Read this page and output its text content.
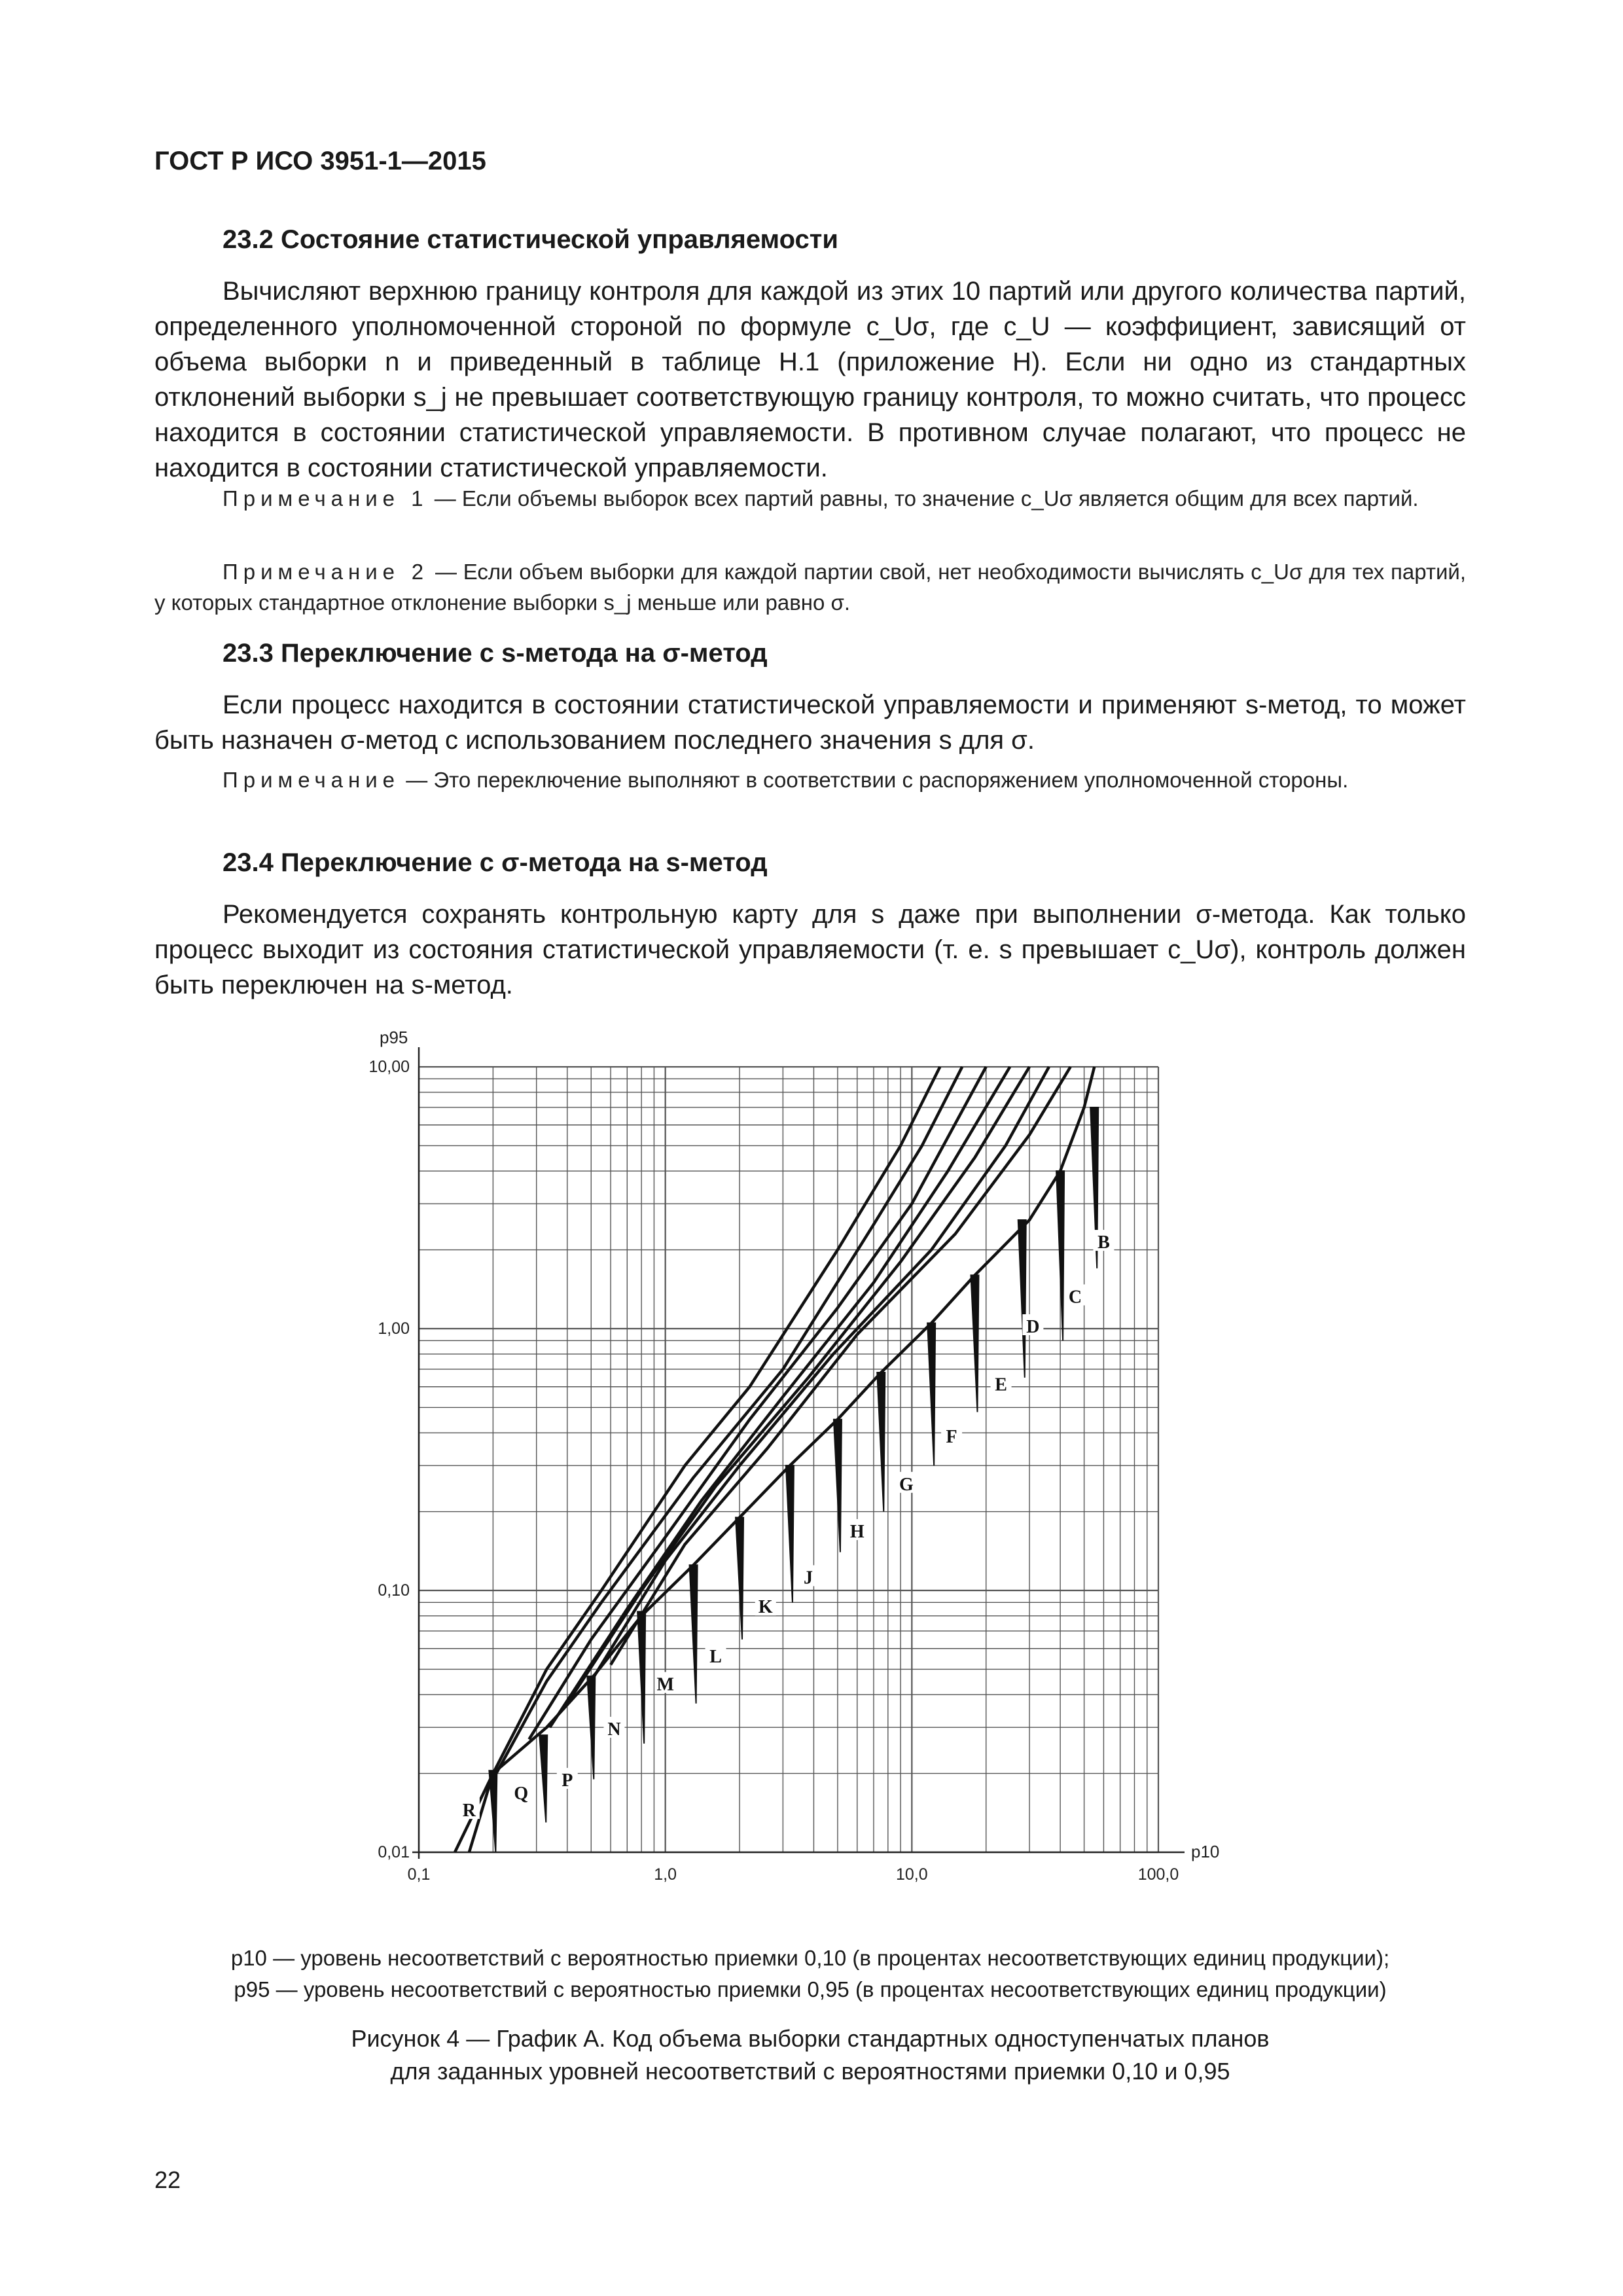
ГОСТ Р ИСО 3951-1—2015
23.2 Состояние статистической управляемости

Вычисляют верхнюю границу контроля для каждой из этих 10 партий или другого количества партий, определенного уполномоченной стороной по формуле c_Uσ, где c_U — коэффициент, зависящий от объема выборки n и приведенный в таблице Н.1 (приложение Н). Если ни одно из стандартных отклонений выборки s_j не превышает соответствующую границу контроля, то можно считать, что процесс находится в состоянии статистической управляемости. В противном случае полагают, что процесс не находится в состоянии статистической управляемости.

Примечание 1 — Если объемы выборок всех партий равны, то значение c_Uσ является общим для всех партий.

Примечание 2 — Если объем выборки для каждой партии свой, нет необходимости вычислять c_Uσ для тех партий, у которых стандартное отклонение выборки s_j меньше или равно σ.

23.3 Переключение с s-метода на σ-метод

Если процесс находится в состоянии статистической управляемости и применяют s-метод, то может быть назначен σ-метод с использованием последнего значения s для σ.

Примечание — Это переключение выполняют в соответствии с распоряжением уполномоченной стороны.

23.4 Переключение с σ-метода на s-метод

Рекомендуется сохранять контрольную карту для s даже при выполнении σ-метода. Как только процесс выходит из состояния статистической управляемости (т. е. s превышает c_Uσ), контроль должен быть переключен на s-метод.

0,1	1,0	10,0	100,0
0,01
0,10
1,00
10,00
B
C
D
E
F
G
H
J
K
L
M
N
P
Q
R
p10
p95
p10 — уровень несоответствий с вероятностью приемки 0,10 (в процентах несоответствующих единиц продукции);
p95 — уровень несоответствий с вероятностью приемки 0,95 (в процентах несоответствующих единиц продукции)
Рисунок 4 — График А. Код объема выборки стандартных одноступенчатых планов
для заданных уровней несоответствий с вероятностями приемки 0,10 и 0,95
22
